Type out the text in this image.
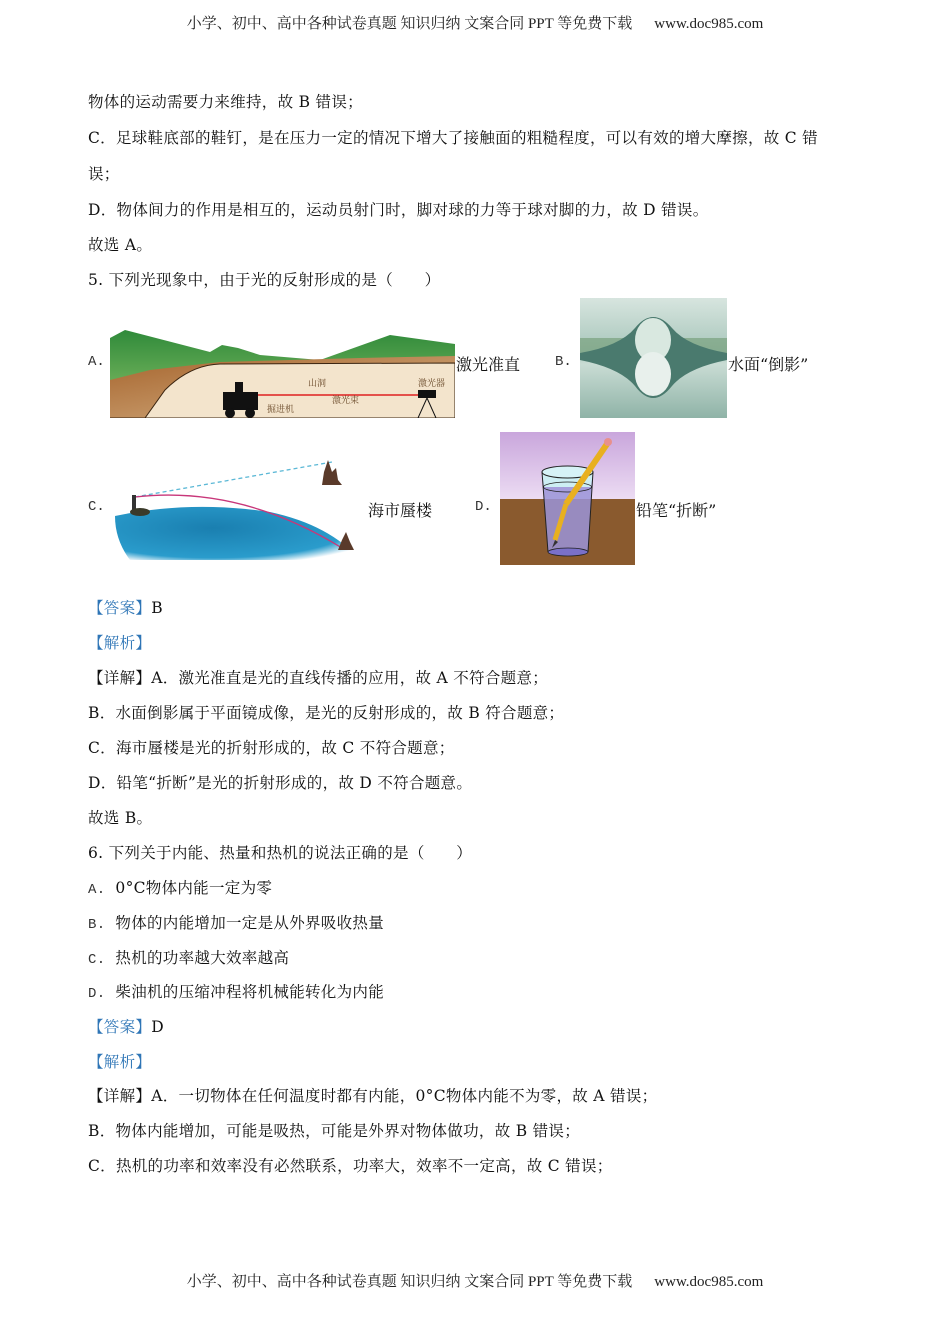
小学、初中、高中各种试卷真题 知识归纳 文案合同 PPT 等免费下载 www.doc985.com
物体的运动需要力来维持，故 B 错误；
C．足球鞋底部的鞋钉，是在压力一定的情况下增大了接触面的粗糙程度，可以有效的增大摩擦，故 C 错
误；
D．物体间力的作用是相互的，运动员射门时，脚对球的力等于球对脚的力，故 D 错误。
故选 A。
5. 下列光现象中，由于光的反射形成的是（　　）
A.
山洞	激光器
激光束
掘进机
激光准直 B.	水面“倒影”
C.	海市蜃楼	D.	铅笔“折断”
【答案】B
【解析】
【详解】A．激光准直是光的直线传播的应用，故 A 不符合题意；
B．水面倒影属于平面镜成像，是光的反射形成的，故 B 符合题意；
C．海市蜃楼是光的折射形成的，故 C 不符合题意；
D．铅笔“折断”是光的折射形成的，故 D 不符合题意。
故选 B。
6. 下列关于内能、热量和热机的说法正确的是（　　）
A. 0°C物体内能一定为零
B. 物体的内能增加一定是从外界吸收热量
C. 热机的功率越大效率越高
D. 柴油机的压缩冲程将机械能转化为内能
【答案】D
【解析】
【详解】A．一切物体在任何温度时都有内能，0°C物体内能不为零，故 A 错误；
B．物体内能增加，可能是吸热，可能是外界对物体做功，故 B 错误；
C．热机的功率和效率没有必然联系，功率大，效率不一定高，故 C 错误；
小学、初中、高中各种试卷真题 知识归纳 文案合同 PPT 等免费下载 www.doc985.com
